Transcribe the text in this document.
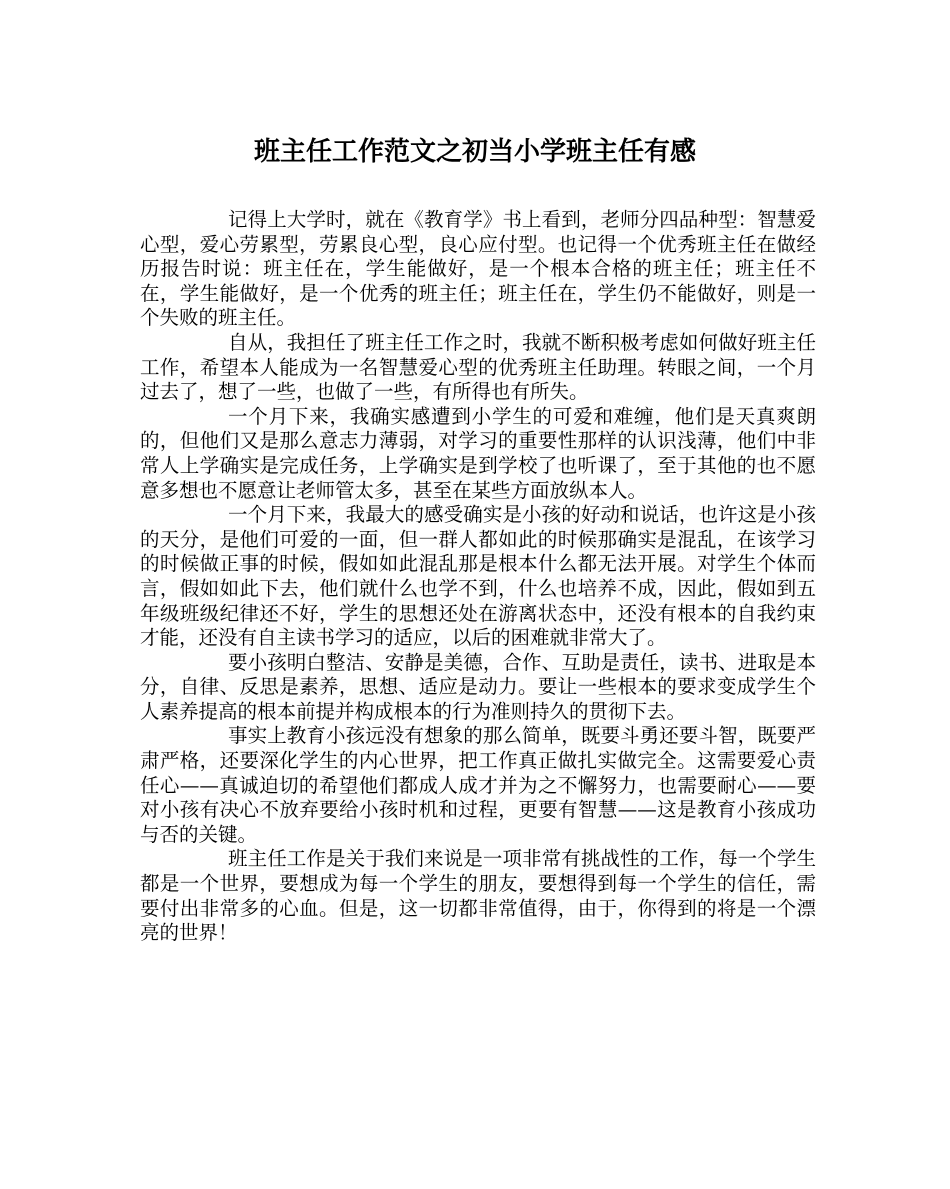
班主任工作范文之初当小学班主任有感

记得上大学时，就在《教育学》书上看到，老师分四品种型：智慧爱心型，爱心劳累型，劳累良心型，良心应付型。也记得一个优秀班主任在做经历报告时说：班主任在，学生能做好，是一个根本合格的班主任；班主任不在，学生能做好，是一个优秀的班主任；班主任在，学生仍不能做好，则是一个失败的班主任。

自从，我担任了班主任工作之时，我就不断积极考虑如何做好班主任工作，希望本人能成为一名智慧爱心型的优秀班主任助理。转眼之间，一个月过去了，想了一些，也做了一些，有所得也有所失。

一个月下来，我确实感遭到小学生的可爱和难缠，他们是天真爽朗的，但他们又是那么意志力薄弱，对学习的重要性那样的认识浅薄，他们中非常人上学确实是完成任务，上学确实是到学校了也听课了，至于其他的也不愿意多想也不愿意让老师管太多，甚至在某些方面放纵本人。

一个月下来，我最大的感受确实是小孩的好动和说话，也许这是小孩的天分，是他们可爱的一面，但一群人都如此的时候那确实是混乱，在该学习的时候做正事的时候，假如如此混乱那是根本什么都无法开展。对学生个体而言，假如如此下去，他们就什么也学不到，什么也培养不成，因此，假如到五年级班级纪律还不好，学生的思想还处在游离状态中，还没有根本的自我约束才能，还没有自主读书学习的适应，以后的困难就非常大了。

要小孩明白整洁、安静是美德，合作、互助是责任，读书、进取是本分，自律、反思是素养，思想、适应是动力。要让一些根本的要求变成学生个人素养提高的根本前提并构成根本的行为准则持久的贯彻下去。

事实上教育小孩远没有想象的那么简单，既要斗勇还要斗智，既要严肃严格，还要深化学生的内心世界，把工作真正做扎实做完全。这需要爱心责任心——真诚迫切的希望他们都成人成才并为之不懈努力，也需要耐心——要对小孩有决心不放弃要给小孩时机和过程，更要有智慧——这是教育小孩成功与否的关键。

班主任工作是关于我们来说是一项非常有挑战性的工作，每一个学生都是一个世界，要想成为每一个学生的朋友，要想得到每一个学生的信任，需要付出非常多的心血。但是，这一切都非常值得，由于，你得到的将是一个漂亮的世界！
